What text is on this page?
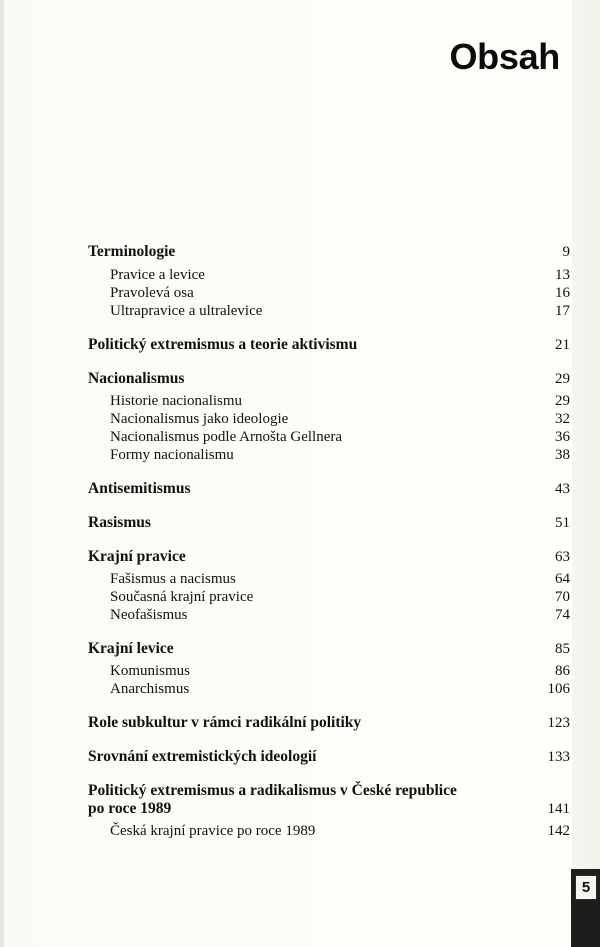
Obsah
Terminologie	9
Pravice a levice	13
Pravolevá osa	16
Ultrapravice a ultralevice	17
Politický extremismus a teorie aktivismu	21
Nacionalismus	29
Historie nacionalismu	29
Nacionalismus jako ideologie	32
Nacionalismus podle Arnošta Gellnera	36
Formy nacionalismu	38
Antisemitismus	43
Rasismus	51
Krajní pravice	63
Fašismus a nacismus	64
Současná krajní pravice	70
Neofašismus	74
Krajní levice	85
Komunismus	86
Anarchismus	106
Role subkultur v rámci radikální politiky	123
Srovnání extremistických ideologií	133
Politický extremismus a radikalismus v České republice
po roce 1989	141
Česká krajní pravice po roce 1989	142
5
